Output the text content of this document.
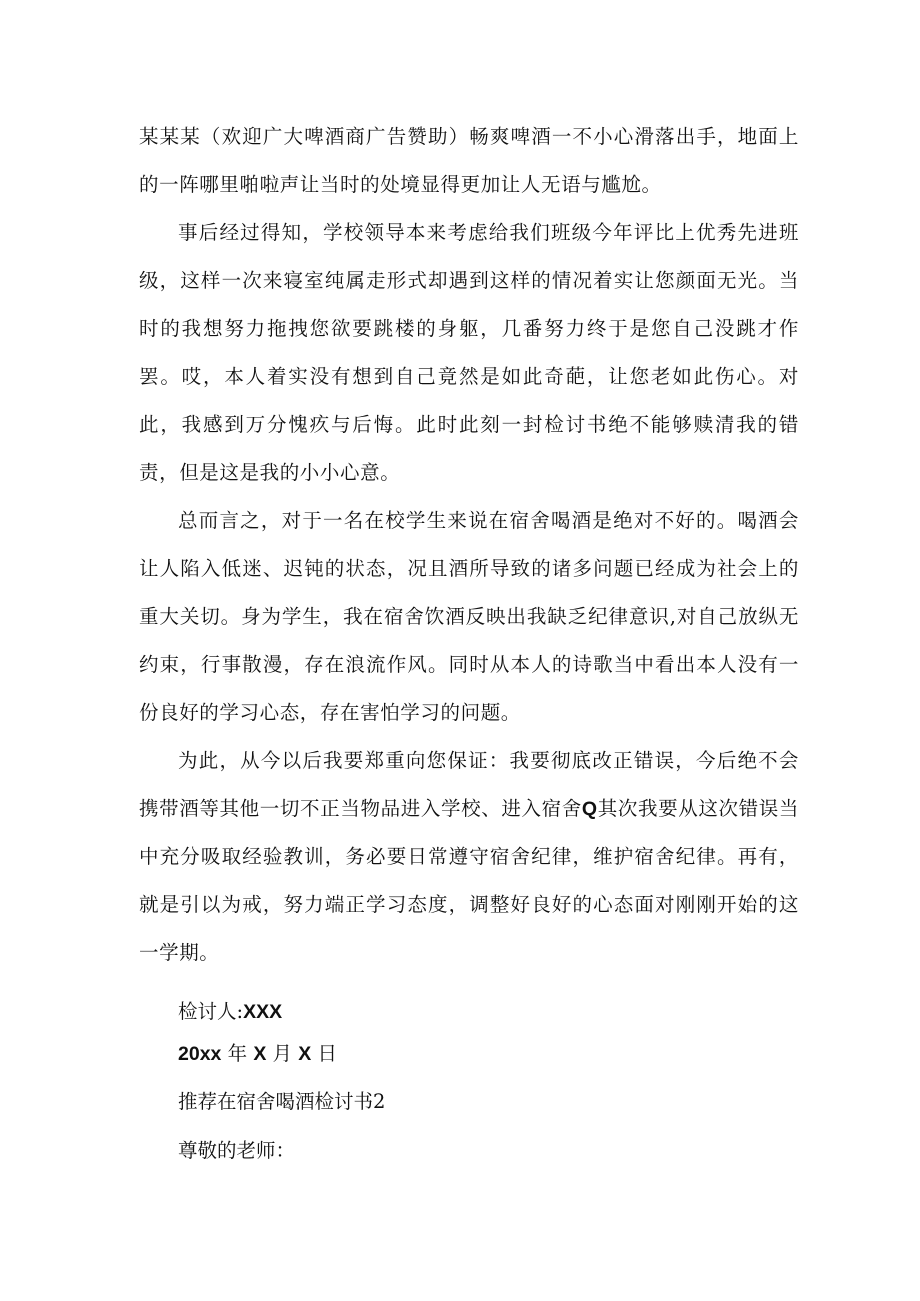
某某某（欢迎广大啤酒商广告赞助）畅爽啤酒一不小心滑落出手，地面上的一阵哪里啪啦声让当时的处境显得更加让人无语与尴尬。

事后经过得知，学校领导本来考虑给我们班级今年评比上优秀先进班级，这样一次来寝室纯属走形式却遇到这样的情况着实让您颜面无光。当时的我想努力拖拽您欲要跳楼的身躯，几番努力终于是您自己没跳才作罢。哎，本人着实没有想到自己竟然是如此奇葩，让您老如此伤心。对此，我感到万分愧疚与后悔。此时此刻一封检讨书绝不能够赎清我的错责，但是这是我的小小心意。

总而言之，对于一名在校学生来说在宿舍喝酒是绝对不好的。喝酒会让人陷入低迷、迟钝的状态，况且酒所导致的诸多问题已经成为社会上的重大关切。身为学生，我在宿舍饮酒反映出我缺乏纪律意识,对自己放纵无约束，行事散漫，存在浪流作风。同时从本人的诗歌当中看出本人没有一份良好的学习心态，存在害怕学习的问题。

为此，从今以后我要郑重向您保证：我要彻底改正错误，今后绝不会携带酒等其他一切不正当物品进入学校、进入宿舍Q其次我要从这次错误当中充分吸取经验教训，务必要日常遵守宿舍纪律，维护宿舍纪律。再有，就是引以为戒，努力端正学习态度，调整好良好的心态面对刚刚开始的这一学期。

检讨人:XXX

20xx 年 X 月 X 日

推荐在宿舍喝酒检讨书2

尊敬的老师：
